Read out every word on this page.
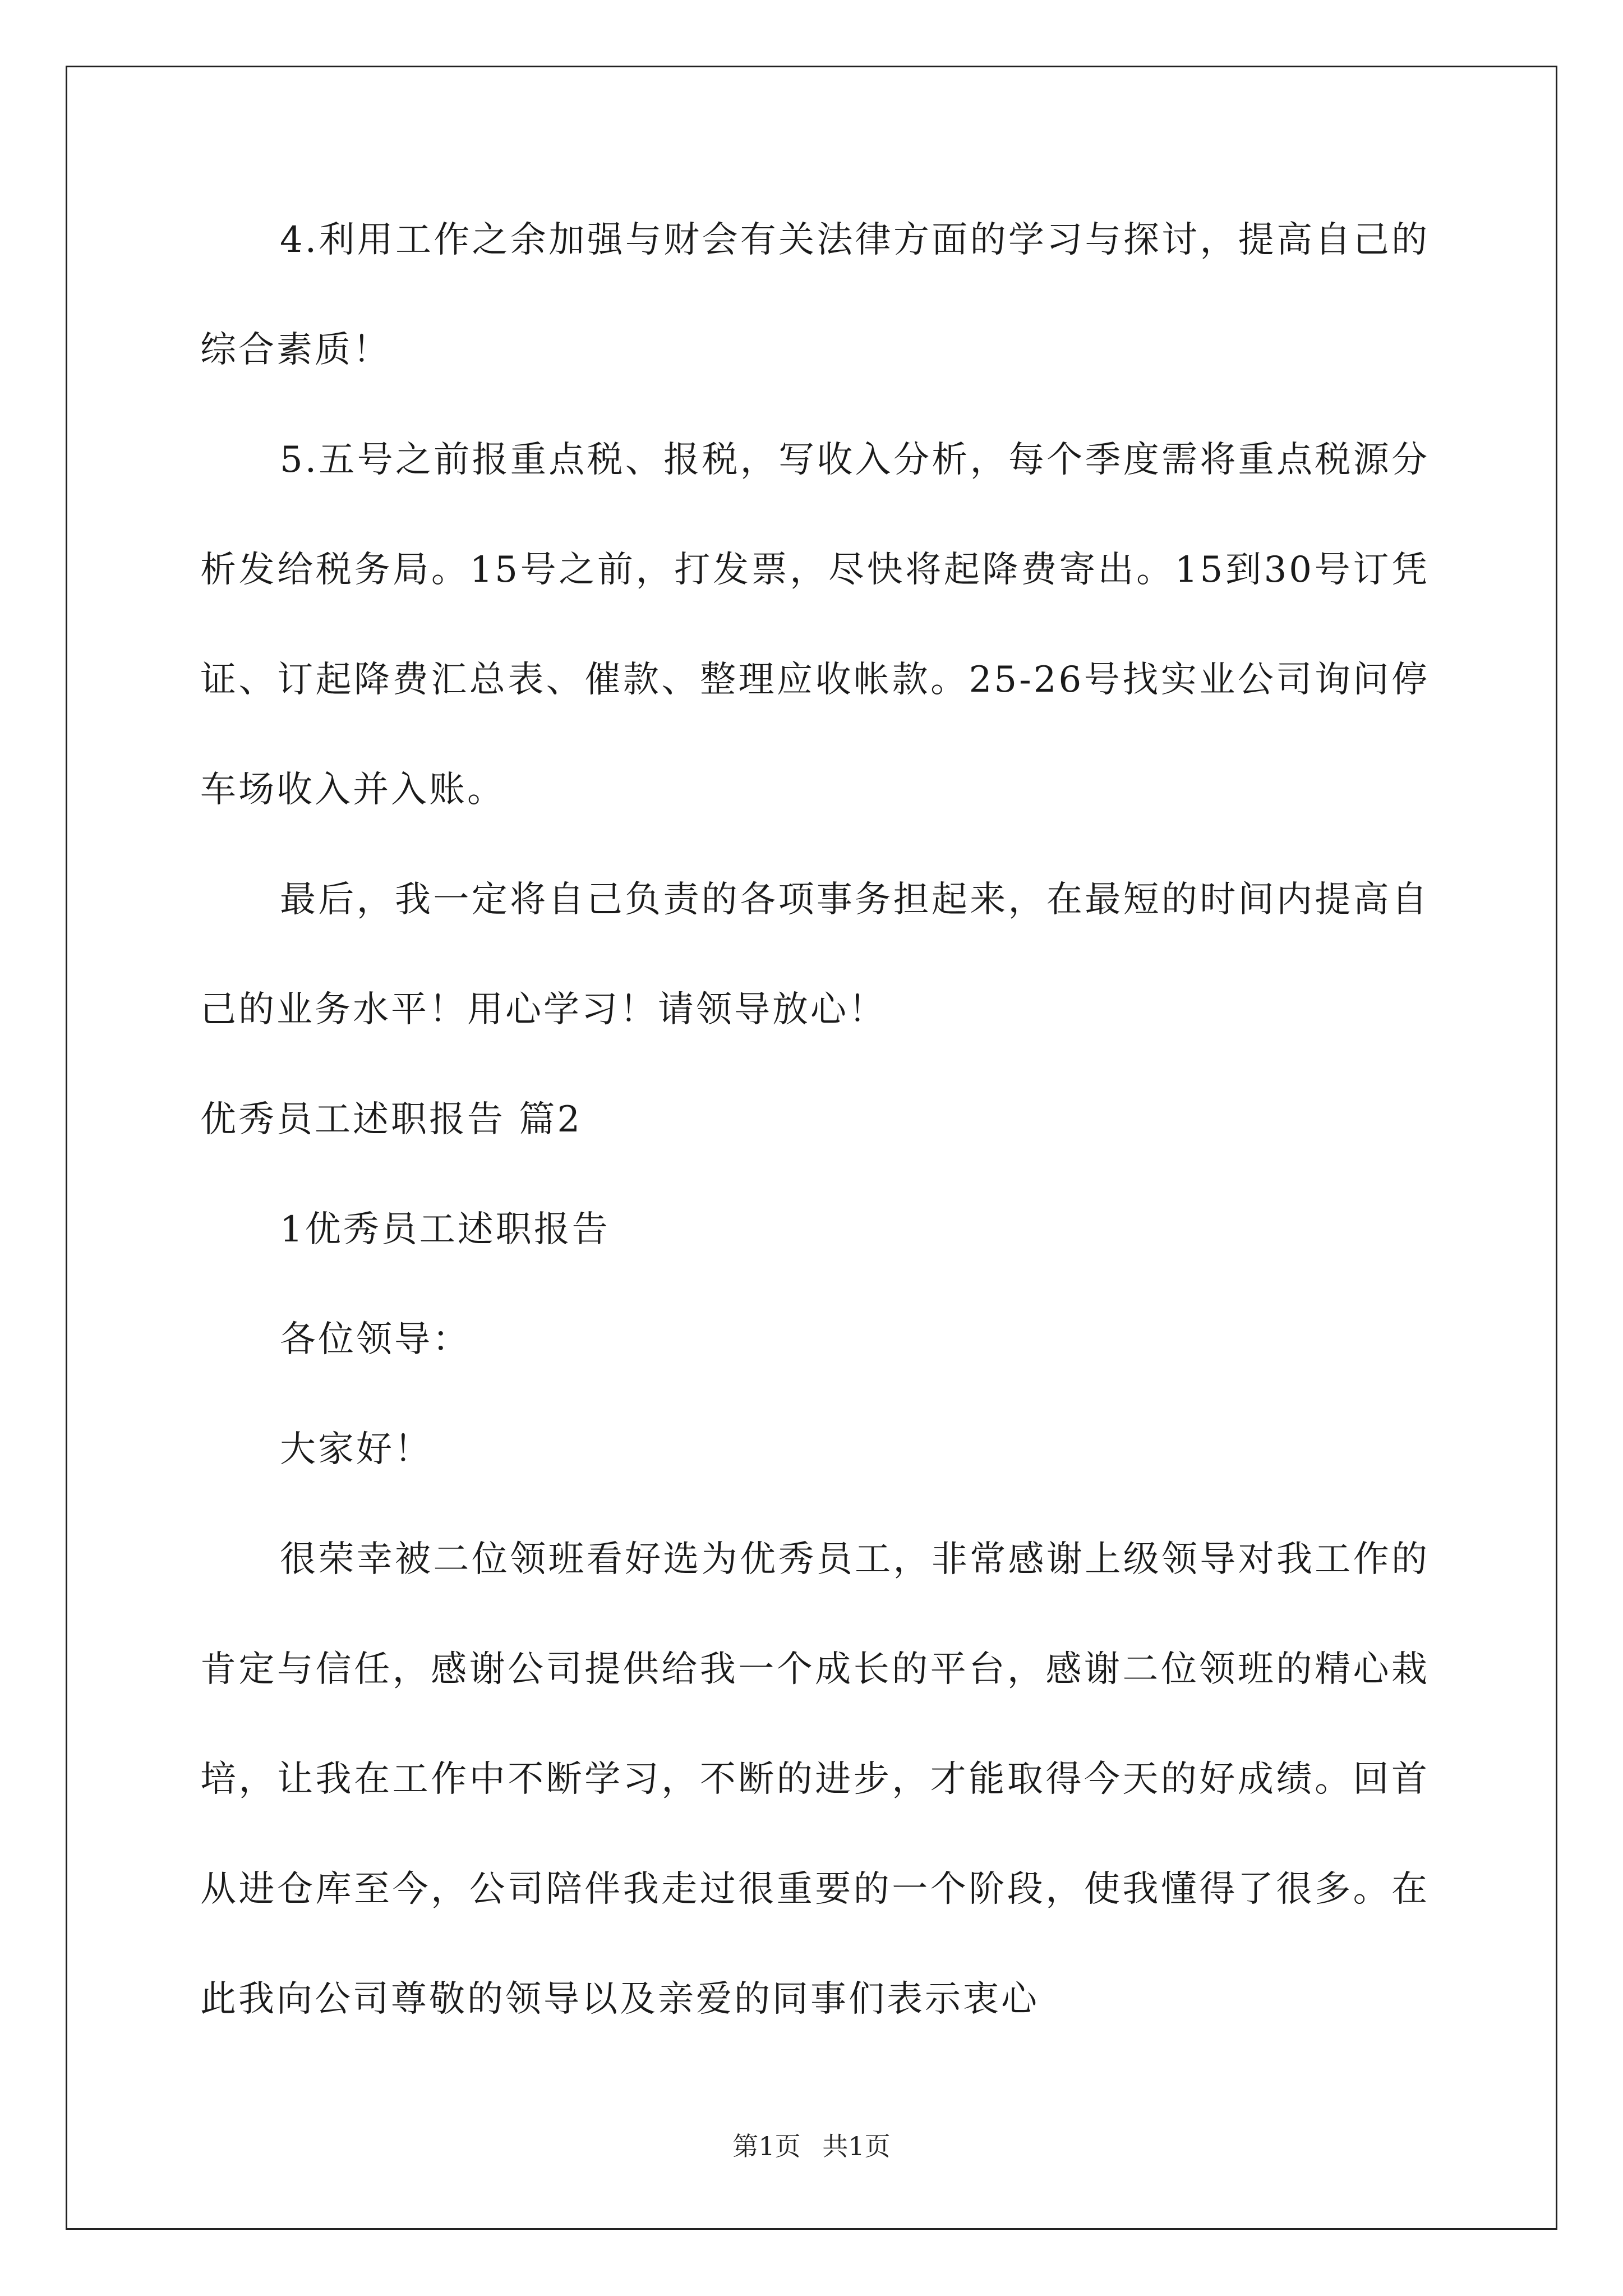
4.利用工作之余加强与财会有关法律方面的学习与探讨，提高自己的综合素质！

5.五号之前报重点税、报税，写收入分析，每个季度需将重点税源分析发给税务局。15号之前，打发票，尽快将起降费寄出。15到30号订凭证、订起降费汇总表、催款、整理应收帐款。25-26号找实业公司询问停车场收入并入账。

最后，我一定将自己负责的各项事务担起来，在最短的时间内提高自己的业务水平！用心学习！请领导放心！

优秀员工述职报告 篇2

1优秀员工述职报告

各位领导：

大家好！

很荣幸被二位领班看好选为优秀员工，非常感谢上级领导对我工作的肯定与信任，感谢公司提供给我一个成长的平台，感谢二位领班的精心栽培，让我在工作中不断学习，不断的进步，才能取得今天的好成绩。回首从进仓库至今，公司陪伴我走过很重要的一个阶段，使我懂得了很多。在此我向公司尊敬的领导以及亲爱的同事们表示衷心

第1页 共1页
